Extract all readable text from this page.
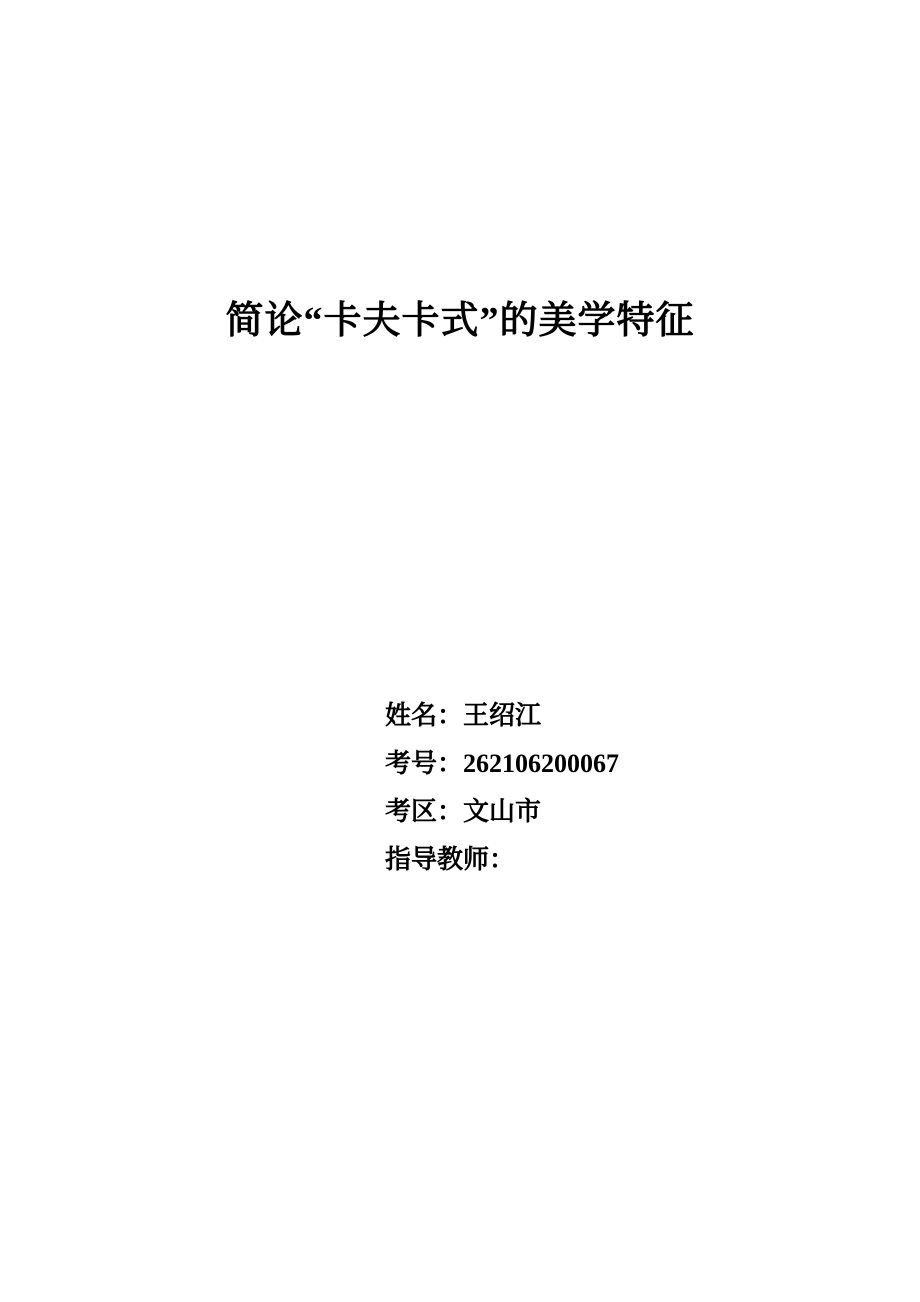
简论“卡夫卡式”的美学特征
姓名：王绍江
考号：262106200067
考区：文山市
指导教师：
